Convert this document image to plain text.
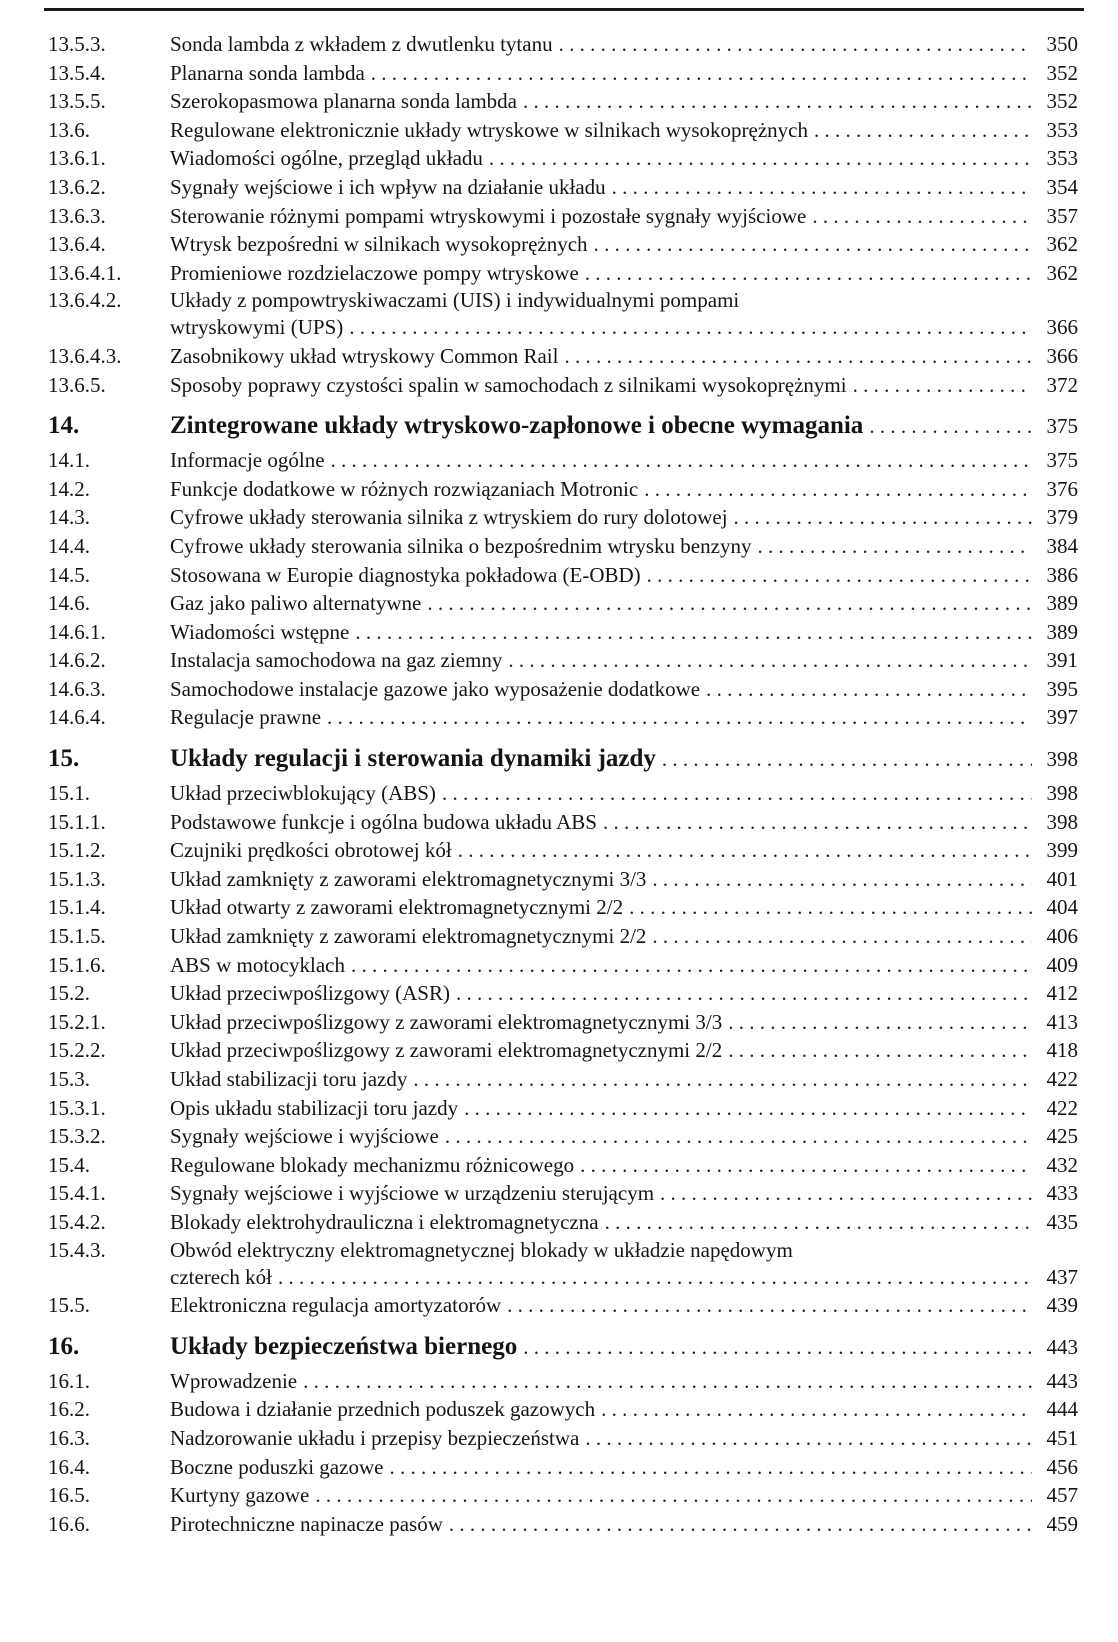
13.5.3.	Sonda lambda z wkładem z dwutlenku tytanu . . .	350
13.5.4.	Planarna sonda lambda . . .	352
13.5.5.	Szerokopasmowa planarna sonda lambda . . .	352
13.6.	Regulowane elektronicznie układy wtryskowe w silnikach wysokoprężnych . . .	353
13.6.1.	Wiadomości ogólne, przegląd układu . . .	353
13.6.2.	Sygnały wejściowe i ich wpływ na działanie układu . . .	354
13.6.3.	Sterowanie różnymi pompami wtryskowymi i pozostałe sygnały wyjściowe . . .	357
13.6.4.	Wtrysk bezpośredni w silnikach wysokoprężnych . . .	362
13.6.4.1.	Promieniowe rozdzielaczowe pompy wtryskowe . . .	362
13.6.4.2.	Układy z pompowtryskiwaczami (UIS) i indywidualnymi pompami
wtryskowymi (UPS) . . .	366
13.6.4.3.	Zasobnikowy układ wtryskowy Common Rail . . .	366
13.6.5.	Sposoby poprawy czystości spalin w samochodach z silnikami wysokoprężnymi . . .	372
14.	Zintegrowane układy wtryskowo-zapłonowe i obecne wymagania . . .	375
14.1.	Informacje ogólne . . .	375
14.2.	Funkcje dodatkowe w różnych rozwiązaniach Motronic . . .	376
14.3.	Cyfrowe układy sterowania silnika z wtryskiem do rury dolotowej . . .	379
14.4.	Cyfrowe układy sterowania silnika o bezpośrednim wtrysku benzyny . . .	384
14.5.	Stosowana w Europie diagnostyka pokładowa (E-OBD) . . .	386
14.6.	Gaz jako paliwo alternatywne . . .	389
14.6.1.	Wiadomości wstępne . . .	389
14.6.2.	Instalacja samochodowa na gaz ziemny . . .	391
14.6.3.	Samochodowe instalacje gazowe jako wyposażenie dodatkowe . . .	395
14.6.4.	Regulacje prawne . . .	397
15.	Układy regulacji i sterowania dynamiki jazdy . . .	398
15.1.	Układ przeciwblokujący (ABS) . . .	398
15.1.1.	Podstawowe funkcje i ogólna budowa układu ABS . . .	398
15.1.2.	Czujniki prędkości obrotowej kół . . .	399
15.1.3.	Układ zamknięty z zaworami elektromagnetycznymi 3/3 . . .	401
15.1.4.	Układ otwarty z zaworami elektromagnetycznymi 2/2 . . .	404
15.1.5.	Układ zamknięty z zaworami elektromagnetycznymi 2/2 . . .	406
15.1.6.	ABS w motocyklach . . .	409
15.2.	Układ przeciwpoślizgowy (ASR) . . .	412
15.2.1.	Układ przeciwpoślizgowy z zaworami elektromagnetycznymi 3/3 . . .	413
15.2.2.	Układ przeciwpoślizgowy z zaworami elektromagnetycznymi 2/2 . . .	418
15.3.	Układ stabilizacji toru jazdy . . .	422
15.3.1.	Opis układu stabilizacji toru jazdy . . .	422
15.3.2.	Sygnały wejściowe i wyjściowe . . .	425
15.4.	Regulowane blokady mechanizmu różnicowego . . .	432
15.4.1.	Sygnały wejściowe i wyjściowe w urządzeniu sterującym . . .	433
15.4.2.	Blokady elektrohydrauliczna i elektromagnetyczna . . .	435
15.4.3.	Obwód elektryczny elektromagnetycznej blokady w układzie napędowym
czterech kół . . .	437
15.5.	Elektroniczna regulacja amortyzatorów . . .	439
16.	Układy bezpieczeństwa biernego . . .	443
16.1.	Wprowadzenie . . .	443
16.2.	Budowa i działanie przednich poduszek gazowych . . .	444
16.3.	Nadzorowanie układu i przepisy bezpieczeństwa . . .	451
16.4.	Boczne poduszki gazowe . . .	456
16.5.	Kurtyny gazowe . . .	457
16.6.	Pirotechniczne napinacze pasów . . .	459
